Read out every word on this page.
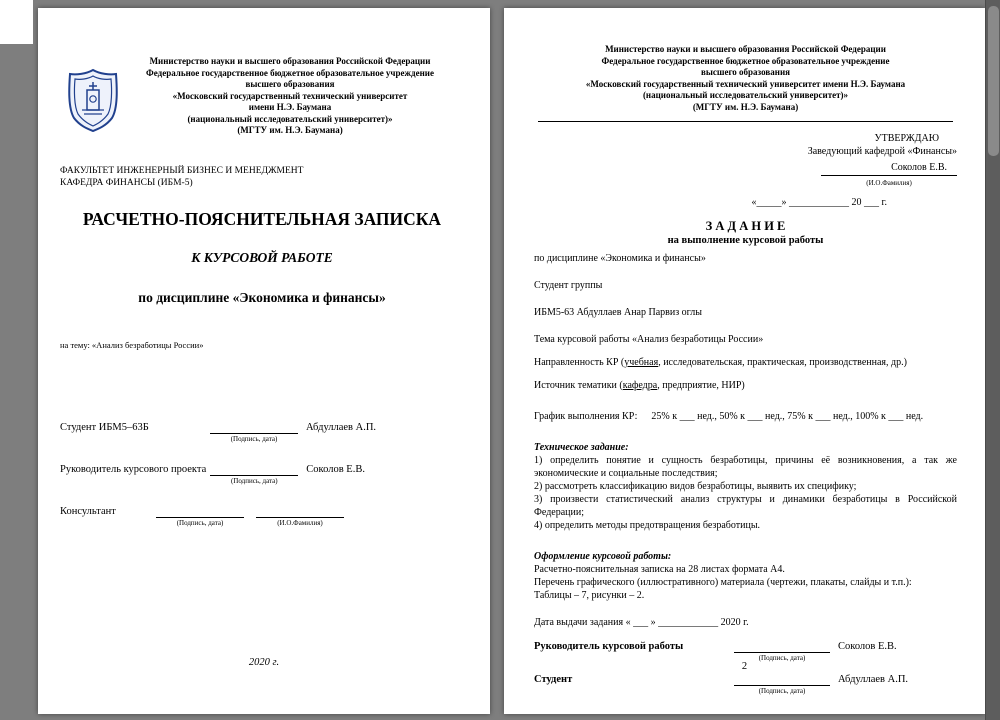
Министерство науки и высшего образования Российской Федерации
Федеральное государственное бюджетное образовательное учреждение
высшего образования
«Московский государственный технический университет
имени Н.Э. Баумана
(национальный исследовательский университет)»
(МГТУ им. Н.Э. Баумана)
ФАКУЛЬТЕТ ИНЖЕНЕРНЫЙ БИЗНЕС И МЕНЕДЖМЕНТ
КАФЕДРА ФИНАНСЫ (ИБМ-5)
РАСЧЕТНО-ПОЯСНИТЕЛЬНАЯ ЗАПИСКА
К КУРСОВОЙ РАБОТЕ
по дисциплине «Экономика и финансы»
на тему: «Анализ безработицы России»
Студент ИБМ5–63Б
(Подпись, дата)
Абдуллаев А.П.
Руководитель курсового проекта
(Подпись, дата)
Соколов Е.В.
Консультант
(Подпись, дата)	(И.О.Фамилия)
2020 г.
Министерство науки и высшего образования Российской Федерации
Федеральное государственное бюджетное образовательное учреждение
высшего образования
«Московский государственный технический университет имени Н.Э. Баумана
(национальный исследовательский университет)»
(МГТУ им. Н.Э. Баумана)
УТВЕРЖДАЮ
Заведующий кафедрой «Финансы»
Соколов Е.В.
(И.О.Фамилия)
«_____» ____________ 20 ___ г.
З А Д А Н И Е
на выполнение курсовой работы
по дисциплине «Экономика и финансы»
Студент группы
ИБМ5-63 Абдуллаев Анар Парвиз оглы
Тема курсовой работы «Анализ безработицы России»
Направленность КР (учебная, исследовательская, практическая, производственная, др.)
Источник тематики (кафедра, предприятие, НИР)
График выполнения КР: 25% к ___ нед., 50% к ___ нед., 75% к ___ нед., 100% к ___ нед.
Техническое задание:
1) определить понятие и сущность безработицы, причины её возникновения, а так же экономические и социальные последствия;
2) рассмотреть классификацию видов безработицы, выявить их специфику;
3) произвести статистический анализ структуры и динамики безработицы в Российской Федерации;
4) определить методы предотвращения безработицы.
Оформление курсовой работы:
Расчетно-пояснительная записка на 28 листах формата А4.
Перечень графического (иллюстративного) материала (чертежи, плакаты, слайды и т.п.):
Таблицы – 7, рисунки – 2.
Дата выдачи задания « ___ » ____________ 2020 г.
Руководитель курсовой работы
(Подпись, дата)
Соколов Е.В.
Студент
(Подпись, дата)
Абдуллаев А.П.
2
